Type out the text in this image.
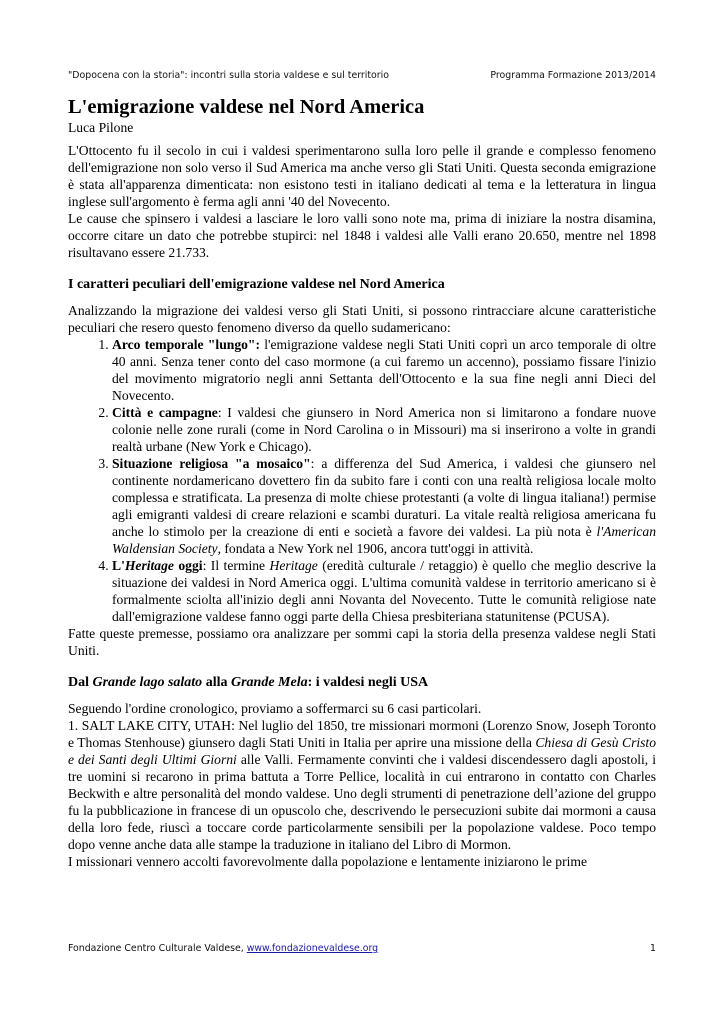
"Dopocena con la storia": incontri sulla storia valdese e sul territorio	Programma Formazione 2013/2014
L'emigrazione valdese nel Nord America
Luca Pilone

L'Ottocento fu il secolo in cui i valdesi sperimentarono sulla loro pelle il grande e complesso fenomeno dell'emigrazione non solo verso il Sud America ma anche verso gli Stati Uniti. Questa seconda emigrazione è stata all'apparenza dimenticata: non esistono testi in italiano dedicati al tema e la letteratura in lingua inglese sull'argomento è ferma agli anni '40 del Novecento.

Le cause che spinsero i valdesi a lasciare le loro valli sono note ma, prima di iniziare la nostra disamina, occorre citare un dato che potrebbe stupirci: nel 1848 i valdesi alle Valli erano 20.650, mentre nel 1898 risultavano essere 21.733.

I caratteri peculiari dell'emigrazione valdese nel Nord America

Analizzando la migrazione dei valdesi verso gli Stati Uniti, si possono rintracciare alcune caratteristiche peculiari che resero questo fenomeno diverso da quello sudamericano:

1. Arco temporale "lungo": l'emigrazione valdese negli Stati Uniti coprì un arco temporale di oltre 40 anni. Senza tener conto del caso mormone (a cui faremo un accenno), possiamo fissare l'inizio del movimento migratorio negli anni Settanta dell'Ottocento e la sua fine negli anni Dieci del Novecento.
2. Città e campagne: I valdesi che giunsero in Nord America non si limitarono a fondare nuove colonie nelle zone rurali (come in Nord Carolina o in Missouri) ma si inserirono a volte in grandi realtà urbane (New York e Chicago).
3. Situazione religiosa "a mosaico": a differenza del Sud America, i valdesi che giunsero nel continente nordamericano dovettero fin da subito fare i conti con una realtà religiosa locale molto complessa e stratificata. La presenza di molte chiese protestanti (a volte di lingua italiana!) permise agli emigranti valdesi di creare relazioni e scambi duraturi. La vitale realtà religiosa americana fu anche lo stimolo per la creazione di enti e società a favore dei valdesi. La più nota è l'American Waldensian Society, fondata a New York nel 1906, ancora tutt'oggi in attività.
4. L'Heritage oggi: Il termine Heritage (eredità culturale / retaggio) è quello che meglio descrive la situazione dei valdesi in Nord America oggi. L'ultima comunità valdese in territorio americano si è formalmente sciolta all'inizio degli anni Novanta del Novecento. Tutte le comunità religiose nate dall'emigrazione valdese fanno oggi parte della Chiesa presbiteriana statunitense (PCUSA).

Fatte queste premesse, possiamo ora analizzare per sommi capi la storia della presenza valdese negli Stati Uniti.

Dal Grande lago salato alla Grande Mela: i valdesi negli USA

Seguendo l'ordine cronologico, proviamo a soffermarci su 6 casi particolari.

1. SALT LAKE CITY, UTAH: Nel luglio del 1850, tre missionari mormoni (Lorenzo Snow, Joseph Toronto e Thomas Stenhouse) giunsero dagli Stati Uniti in Italia per aprire una missione della Chiesa di Gesù Cristo e dei Santi degli Ultimi Giorni alle Valli. Fermamente convinti che i valdesi discendessero dagli apostoli, i tre uomini si recarono in prima battuta a Torre Pellice, località in cui entrarono in contatto con Charles Beckwith e altre personalità del mondo valdese. Uno degli strumenti di penetrazione dell’azione del gruppo fu la pubblicazione in francese di un opuscolo che, descrivendo le persecuzioni subite dai mormoni a causa della loro fede, riuscì a toccare corde particolarmente sensibili per la popolazione valdese. Poco tempo dopo venne anche data alle stampe la traduzione in italiano del Libro di Mormon.

I missionari vennero accolti favorevolmente dalla popolazione e lentamente iniziarono le prime

Fondazione Centro Culturale Valdese, www.fondazionevaldese.org	1
